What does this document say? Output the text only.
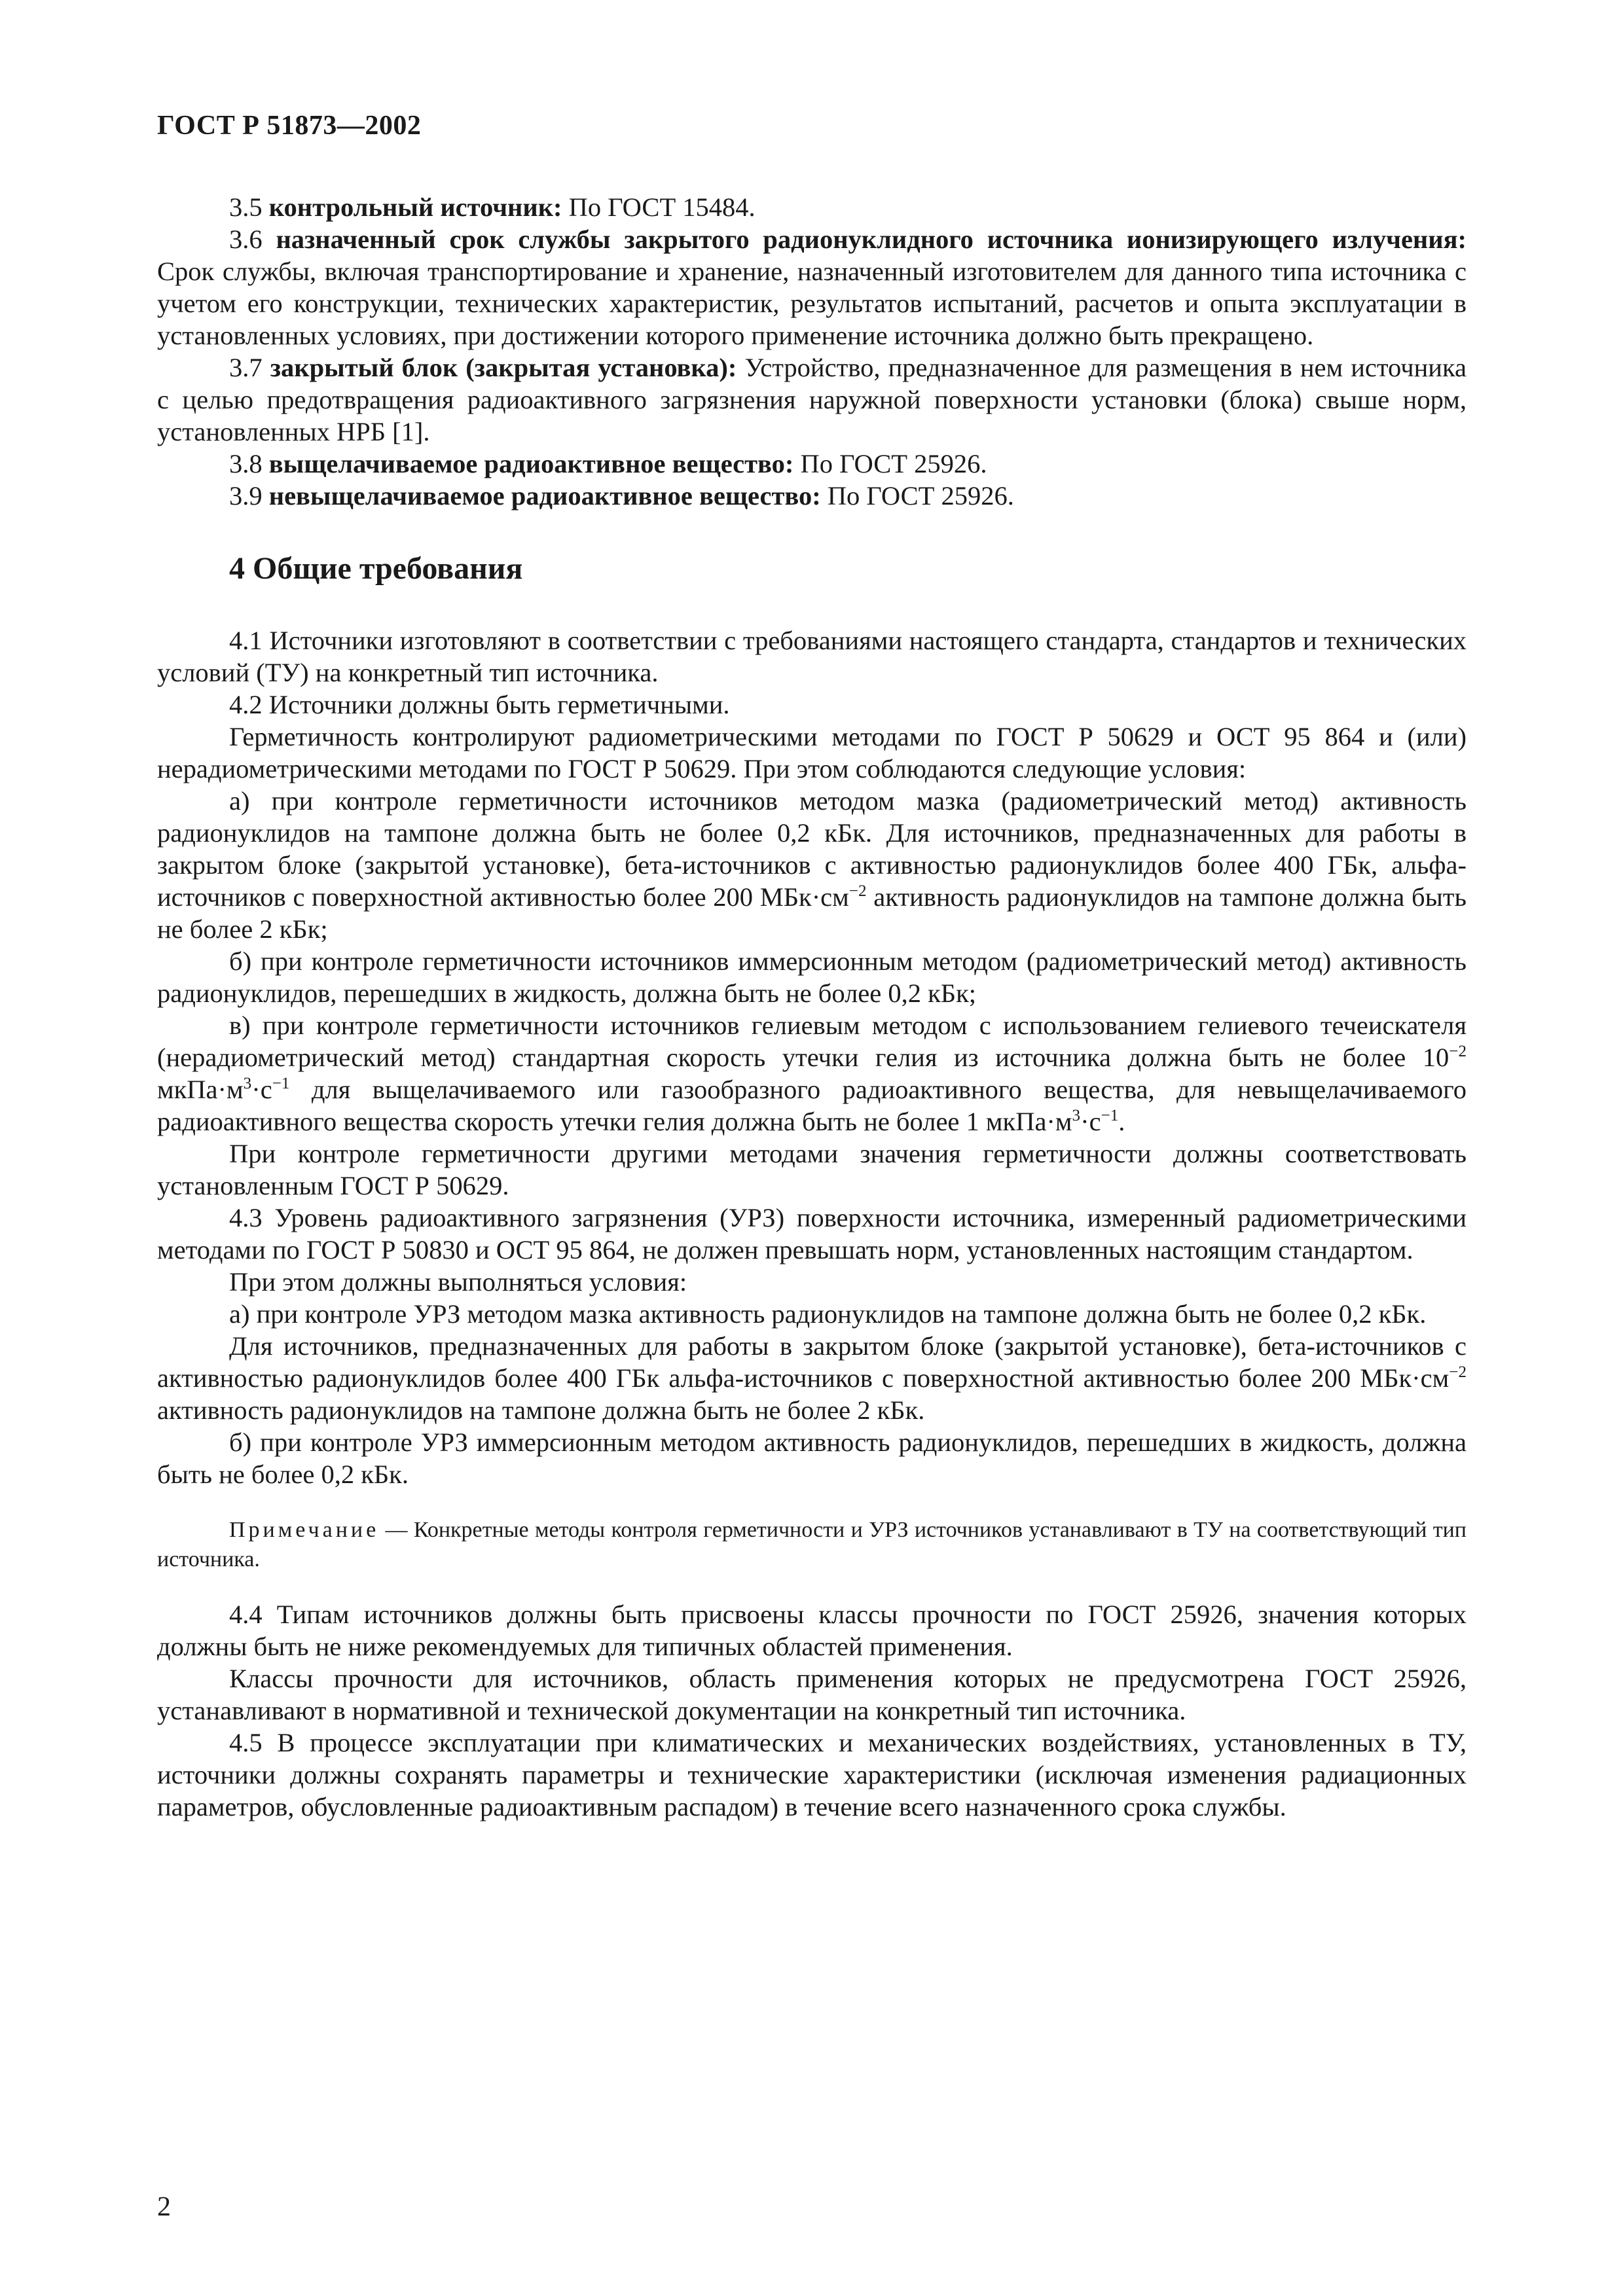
ГОСТ Р 51873—2002

3.5 контрольный источник: По ГОСТ 15484.

3.6 назначенный срок службы закрытого радионуклидного источника ионизирующего излучения: Срок службы, включая транспортирование и хранение, назначенный изготовителем для данного типа источника с учетом его конструкции, технических характеристик, результатов испытаний, расчетов и опыта эксплуатации в установленных условиях, при достижении которого применение источника должно быть прекращено.

3.7 закрытый блок (закрытая установка): Устройство, предназначенное для размещения в нем источника с целью предотвращения радиоактивного загрязнения наружной поверхности установки (блока) свыше норм, установленных НРБ [1].

3.8 выщелачиваемое радиоактивное вещество: По ГОСТ 25926.

3.9 невыщелачиваемое радиоактивное вещество: По ГОСТ 25926.

4 Общие требования

4.1 Источники изготовляют в соответствии с требованиями настоящего стандарта, стандартов и технических условий (ТУ) на конкретный тип источника.

4.2 Источники должны быть герметичными.

Герметичность контролируют радиометрическими методами по ГОСТ Р 50629 и ОСТ 95 864 и (или) нерадиометрическими методами по ГОСТ Р 50629. При этом соблюдаются следующие условия:

а) при контроле герметичности источников методом мазка (радиометрический метод) активность радионуклидов на тампоне должна быть не более 0,2 кБк. Для источников, предназначенных для работы в закрытом блоке (закрытой установке), бета-источников с активностью радионуклидов более 400 ГБк, альфа-источников с поверхностной активностью более 200 $МБк\cdot см^{-2}$ активность радионуклидов на тампоне должна быть не более 2 кБк;

б) при контроле герметичности источников иммерсионным методом (радиометрический метод) активность радионуклидов, перешедших в жидкость, должна быть не более 0,2 кБк;

в) при контроле герметичности источников гелиевым методом с использованием гелиевого течеискателя (нерадиометрический метод) стандартная скорость утечки гелия из источника должна быть не более $10^{-2}$ $мкПа\cdot м^3\cdot с^{-1}$ для выщелачиваемого или газообразного радиоактивного вещества, для невыщелачиваемого радиоактивного вещества скорость утечки гелия должна быть не более 1 $мкПа\cdot м^3\cdot с^{-1}$.

При контроле герметичности другими методами значения герметичности должны соответствовать установленным ГОСТ Р 50629.

4.3 Уровень радиоактивного загрязнения (УРЗ) поверхности источника, измеренный радиометрическими методами по ГОСТ Р 50830 и ОСТ 95 864, не должен превышать норм, установленных настоящим стандартом.

При этом должны выполняться условия:

а) при контроле УРЗ методом мазка активность радионуклидов на тампоне должна быть не более 0,2 кБк.

Для источников, предназначенных для работы в закрытом блоке (закрытой установке), бета-источников с активностью радионуклидов более 400 ГБк альфа-источников с поверхностной активностью более 200 $МБк\cdot см^{-2}$ активность радионуклидов на тампоне должна быть не более 2 кБк.

б) при контроле УРЗ иммерсионным методом активность радионуклидов, перешедших в жидкость, должна быть не более 0,2 кБк.

Примечание — Конкретные методы контроля герметичности и УРЗ источников устанавливают в ТУ на соответствующий тип источника.

4.4 Типам источников должны быть присвоены классы прочности по ГОСТ 25926, значения которых должны быть не ниже рекомендуемых для типичных областей применения.

Классы прочности для источников, область применения которых не предусмотрена ГОСТ 25926, устанавливают в нормативной и технической документации на конкретный тип источника.

4.5 В процессе эксплуатации при климатических и механических воздействиях, установленных в ТУ, источники должны сохранять параметры и технические характеристики (исключая изменения радиационных параметров, обусловленные радиоактивным распадом) в течение всего назначенного срока службы.

2
